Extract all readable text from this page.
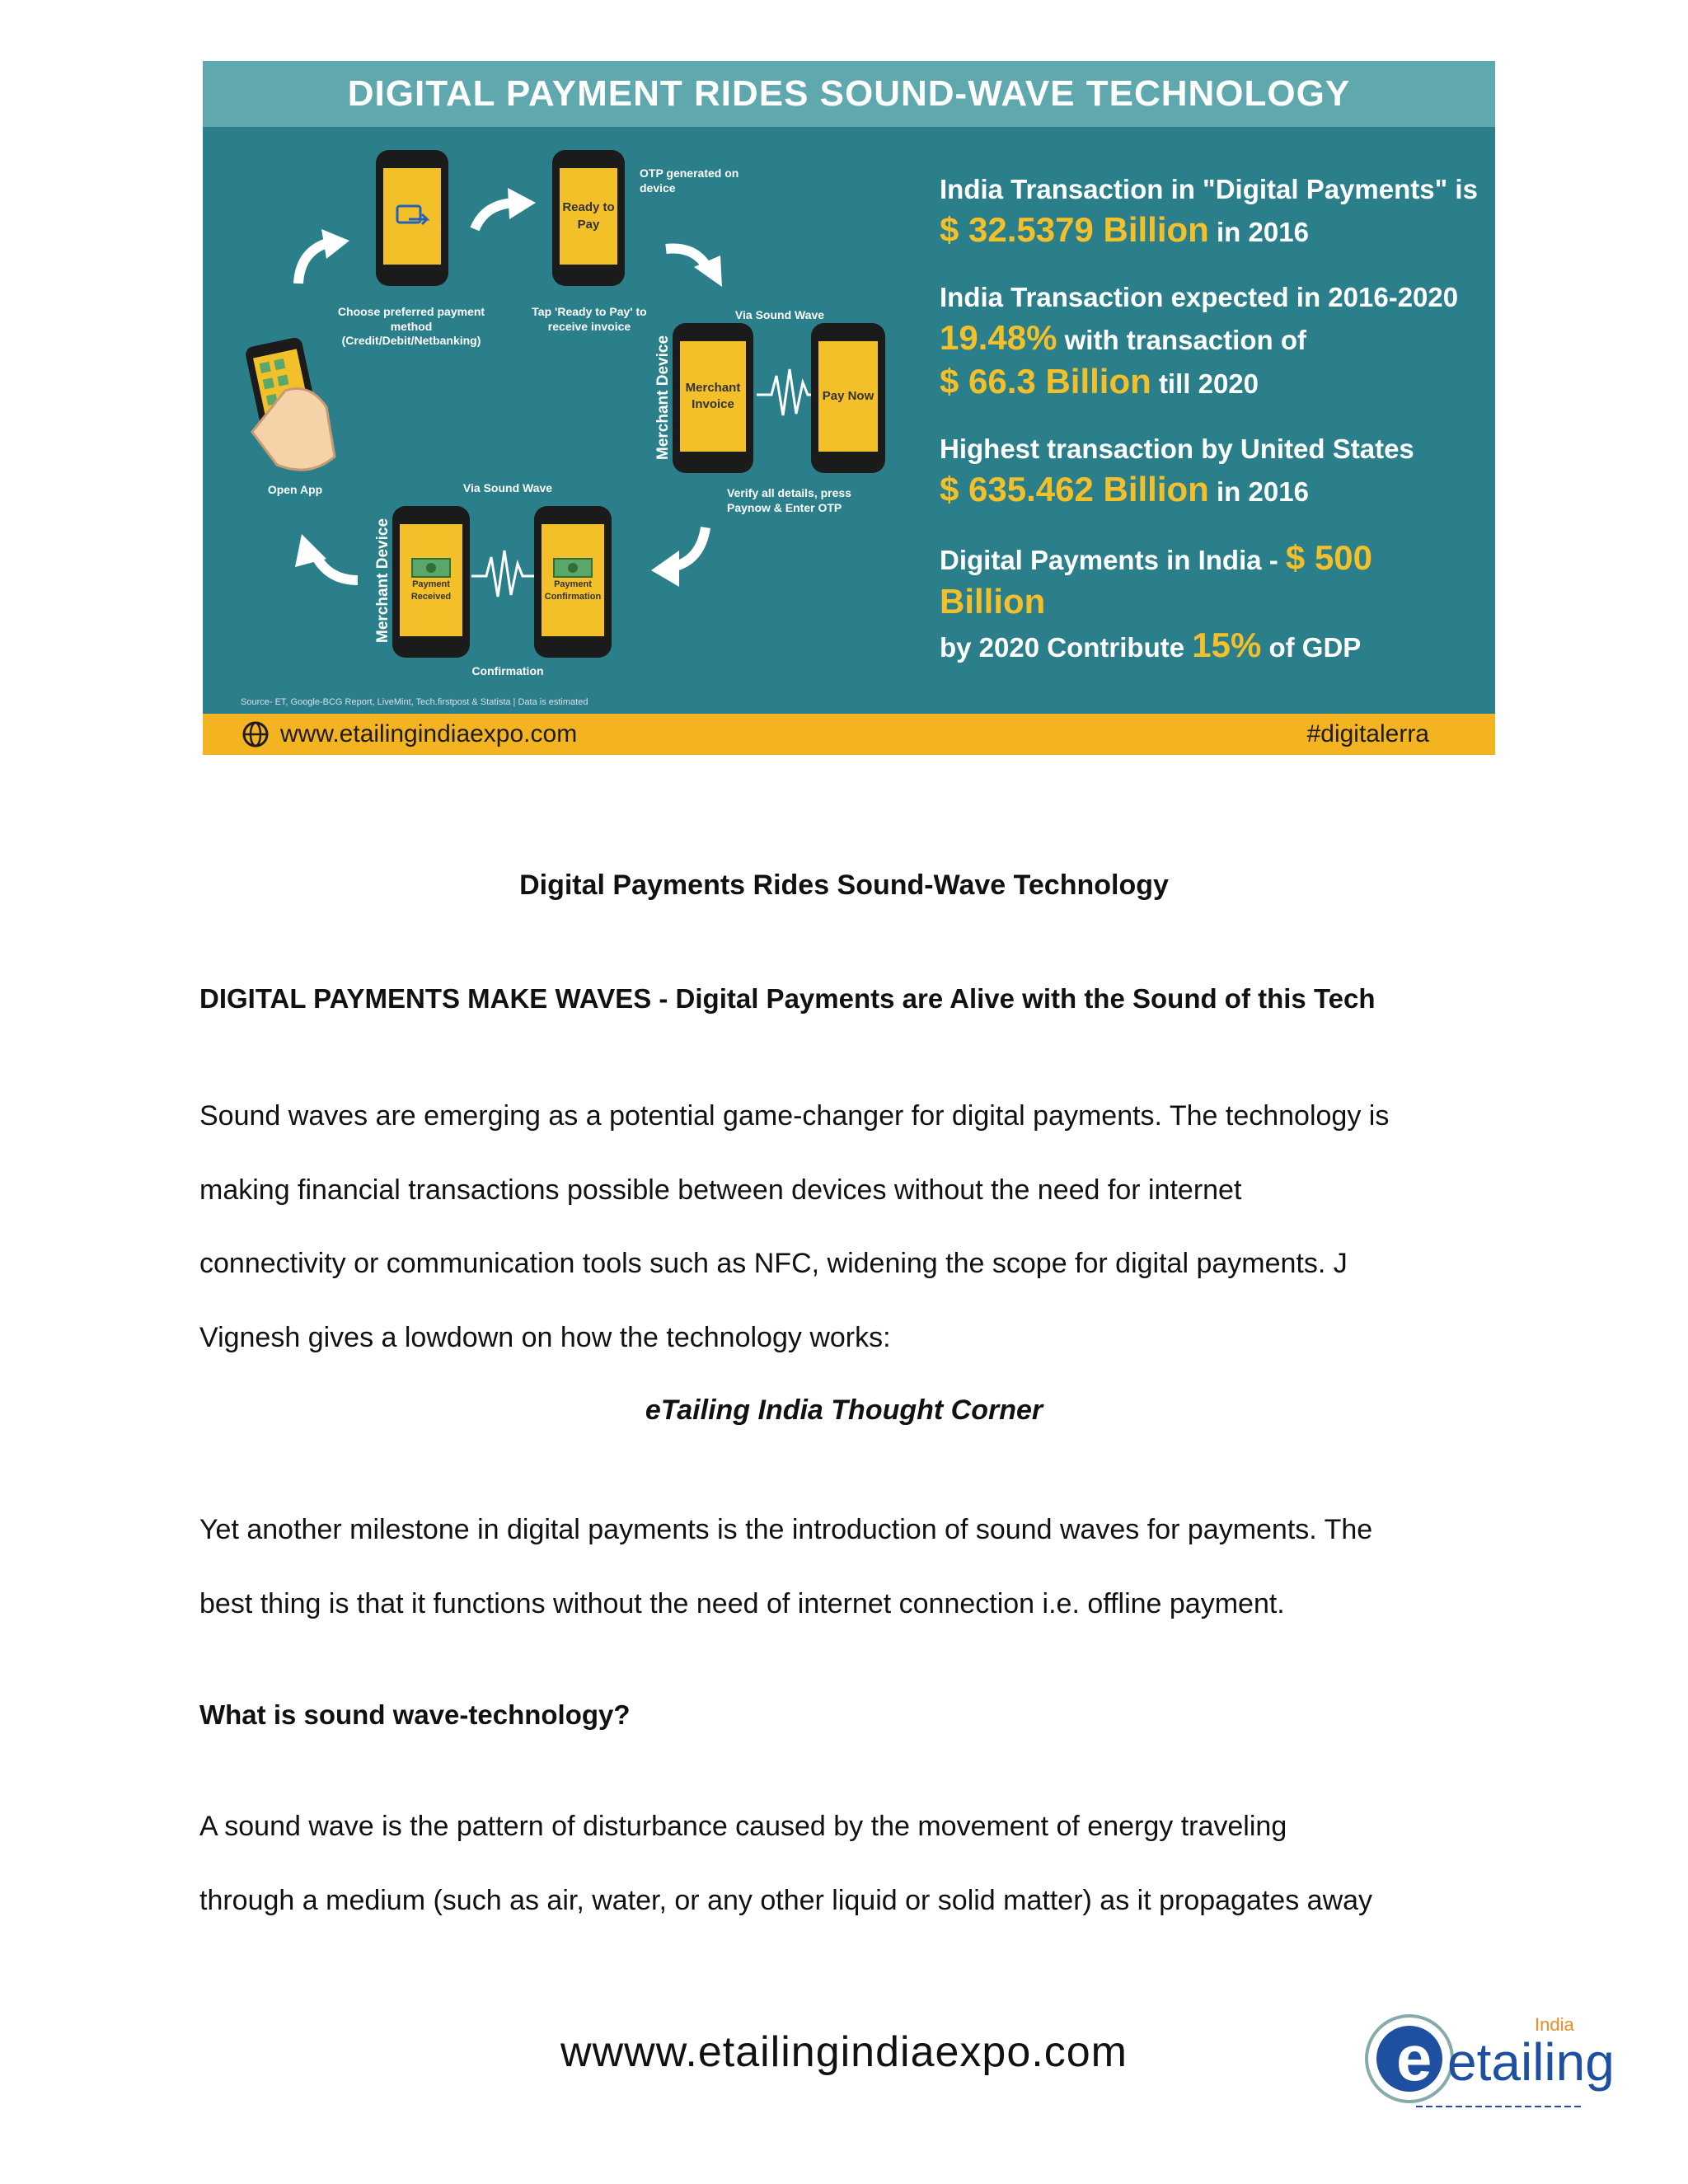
DIGITAL PAYMENT RIDES SOUND-WAVE TECHNOLOGY
Choose preferred payment method (Credit/Debit/Netbanking)
Ready to Pay
Tap 'Ready to Pay' to receive invoice
OTP generated on device
Open App
Via Sound Wave
Merchant Device	Merchant Invoice
Pay Now
Verify all details, press Paynow & Enter OTP
Via Sound Wave
Merchant Device	Payment Received
Payment Confirmation
Confirmation
India Transaction in "Digital Payments" is
$ 32.5379 Billion in 2016
India Transaction expected in 2016-2020
19.48% with transaction of
$ 66.3 Billion till 2020
Highest transaction by United States
$ 635.462 Billion in 2016
Digital Payments in India - $ 500 Billion
by 2020 Contribute 15% of GDP
Source- ET, Google-BCG Report, LiveMint, Tech.firstpost & Statista | Data is estimated
www.etailingindiaexpo.com	#digitalerra
Digital Payments Rides Sound-Wave Technology
DIGITAL PAYMENTS MAKE WAVES - Digital Payments are Alive with the Sound of this Tech
Sound waves are emerging as a potential game-changer for digital payments. The technology is
making financial transactions possible between devices without the need for internet
connectivity or communication tools such as NFC, widening the scope for digital payments. J
Vignesh gives a lowdown on how the technology works:
eTailing India Thought Corner
Yet another milestone in digital payments is the introduction of sound waves for payments. The
best thing is that it functions without the need of internet connection i.e. offline payment.
What is sound wave-technology?
A sound wave is the pattern of disturbance caused by the movement of energy traveling
through a medium (such as air, water, or any other liquid or solid matter) as it propagates away
wwww.etailingindiaexpo.com	e etailing
India
